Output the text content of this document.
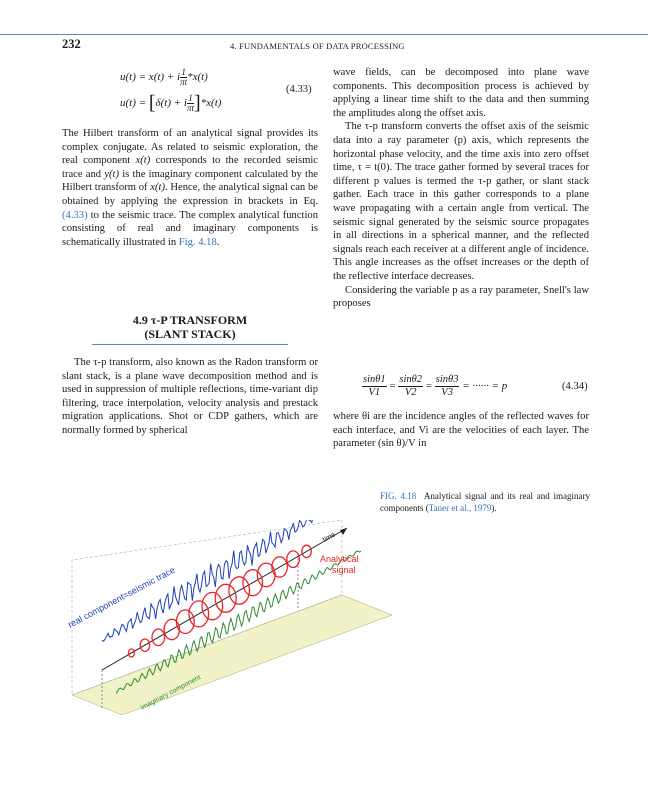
232	4. FUNDAMENTALS OF DATA PROCESSING
u(t) = x(t) + i $\frac{1}{\pi t} *x(t)$
u(t) = [δ(t) + i $\frac{1}{\pi t} ]*x(t)$
(4.33)

The Hilbert transform of an analytical signal provides its complex conjugate. As related to seismic exploration, the real component x(t) corresponds to the recorded seismic trace and y(t) is the imaginary component calculated by the Hilbert transform of x(t). Hence, the analytical signal can be obtained by applying the expression in brackets in Eq. (4.33) to the seismic trace. The complex analytical function consisting of real and imaginary components is schematically illustrated in Fig. 4.18.

4.9 τ-P TRANSFORM
(SLANT STACK)

The τ-p transform, also known as the Radon transform or slant stack, is a plane wave decomposition method and is used in suppression of multiple reflections, time-variant dip filtering, trace interpolation, velocity analysis and prestack migration applications. Shot or CDP gathers, which are normally formed by spherical

wave fields, can be decomposed into plane wave components. This decomposition process is achieved by applying a linear time shift to the data and then summing the amplitudes along the offset axis.

The τ-p transform converts the offset axis of the seismic data into a ray parameter (p) axis, which represents the horizontal phase velocity, and the time axis into zero offset time, τ = t(0). The trace gather formed by several traces for different p values is termed the τ-p gather, or slant stack gather. Each trace in this gather corresponds to a plane wave propagating with a certain angle from vertical. The seismic signal generated by the seismic source propagates in all directions in a spherical manner, and the reflected signals reach each receiver at a different angle of incidence. This angle increases as the offset increases or the depth of the reflective interface decreases.

Considering the variable p as a ray parameter, Snell's law proposes

$\frac{\sin\theta 1}{V1} = \frac{\sin\theta 2}{V2} = \frac{\sin\theta 3}{V3}$ = ······ = p	(4.34)

where θi are the incidence angles of the reflected waves for each interface, and Vi are the velocities of each layer. The parameter (sin θ)/V in

FIG. 4.18 Analytical signal and its real and imaginary components (Taner et al., 1979).
real component=seismic trace
time
Analytical
signal
imaginary component
